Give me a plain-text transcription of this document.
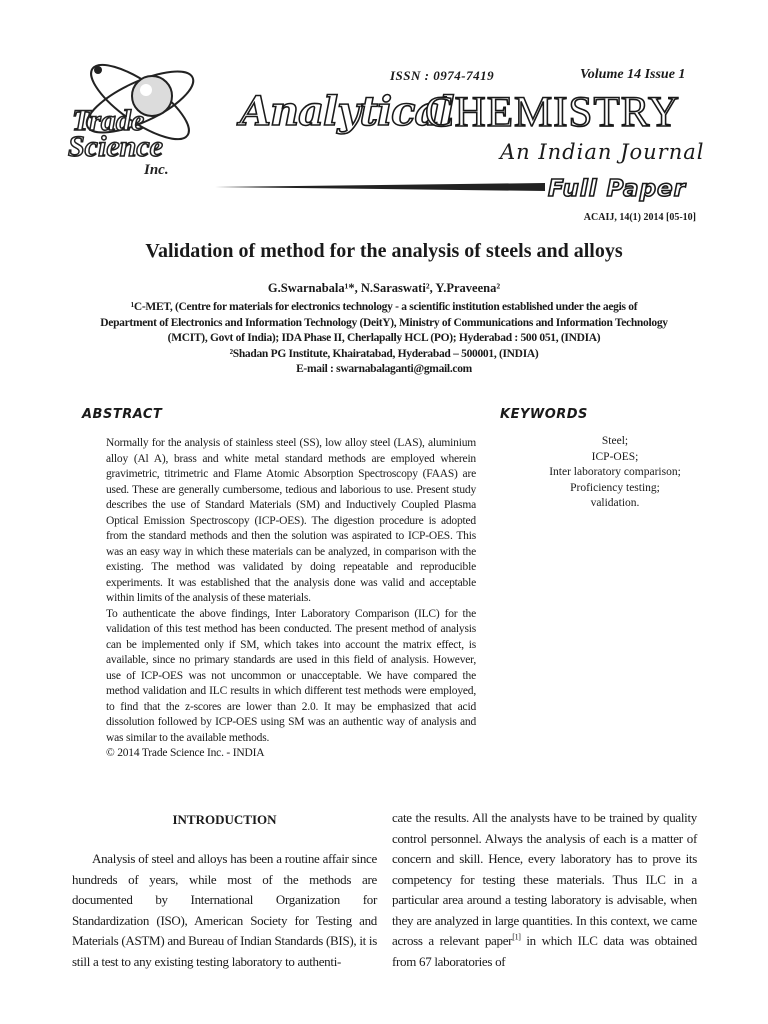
Trade
Science
Inc.
ISSN : 0974-7419	Volume 14 Issue 1
Analytical
CHEMISTRY
An Indian Journal
Full Paper
ACAIJ, 14(1) 2014 [05-10]
Validation of method for the analysis of steels and alloys
G.Swarnabala¹*, N.Saraswati², Y.Praveena²
¹C-MET, (Centre for materials for electronics technology - a scientific institution established under the aegis of
Department of Electronics and Information Technology (DeitY), Ministry of Communications and Information Technology
(MCIT), Govt of India); IDA Phase II, Cherlapally HCL (PO); Hyderabad : 500 051, (INDIA)
²Shadan PG Institute, Khairatabad, Hyderabad – 500001, (INDIA)
E-mail : swarnabalaganti@gmail.com
ABSTRACT	KEYWORDS

Normally for the analysis of stainless steel (SS), low alloy steel (LAS), aluminium alloy (Al A), brass and white metal standard methods are employed wherein gravimetric, titrimetric and Flame Atomic Absorption Spectroscopy (FAAS) are used. These are generally cumbersome, tedious and laborious to use. Present study describes the use of Standard Materials (SM) and Inductively Coupled Plasma Optical Emission Spectroscopy (ICP-OES). The digestion procedure is adopted from the standard methods and then the solution was aspirated to ICP-OES. This was an easy way in which these materials can be analyzed, in comparison with the existing. The method was validated by doing repeatable and reproducible experiments. It was established that the analysis done was valid and acceptable within limits of the analysis of these materials.

To authenticate the above findings, Inter Laboratory Comparison (ILC) for the validation of this test method has been conducted. The present method of analysis can be implemented only if SM, which takes into account the matrix effect, is available, since no primary standards are used in this field of analysis. However, use of ICP-OES was not uncommon or unacceptable. We have compared the method validation and ILC results in which different test methods were employed, to find that the z-scores are lower than 2.0. It may be emphasized that acid dissolution followed by ICP-OES using SM was an authentic way of analysis and was similar to the available methods.

© 2014 Trade Science Inc. - INDIA

Steel;
ICP-OES;
Inter laboratory comparison;
Proficiency testing;
validation.
INTRODUCTION
Analysis of steel and alloys has been a routine affair since hundreds of years, while most of the methods are documented by International Organization for Standardization (ISO), American Society for Testing and Materials (ASTM) and Bureau of Indian Standards (BIS), it is still a test to any existing testing laboratory to authenti-
cate the results. All the analysts have to be trained by quality control personnel. Always the analysis of each is a matter of concern and skill. Hence, every laboratory has to prove its competency for testing these materials. Thus ILC in a particular area around a testing laboratory is advisable, when they are analyzed in large quantities. In this context, we came across a relevant paper[1] in which ILC data was obtained from 67 laboratories of
